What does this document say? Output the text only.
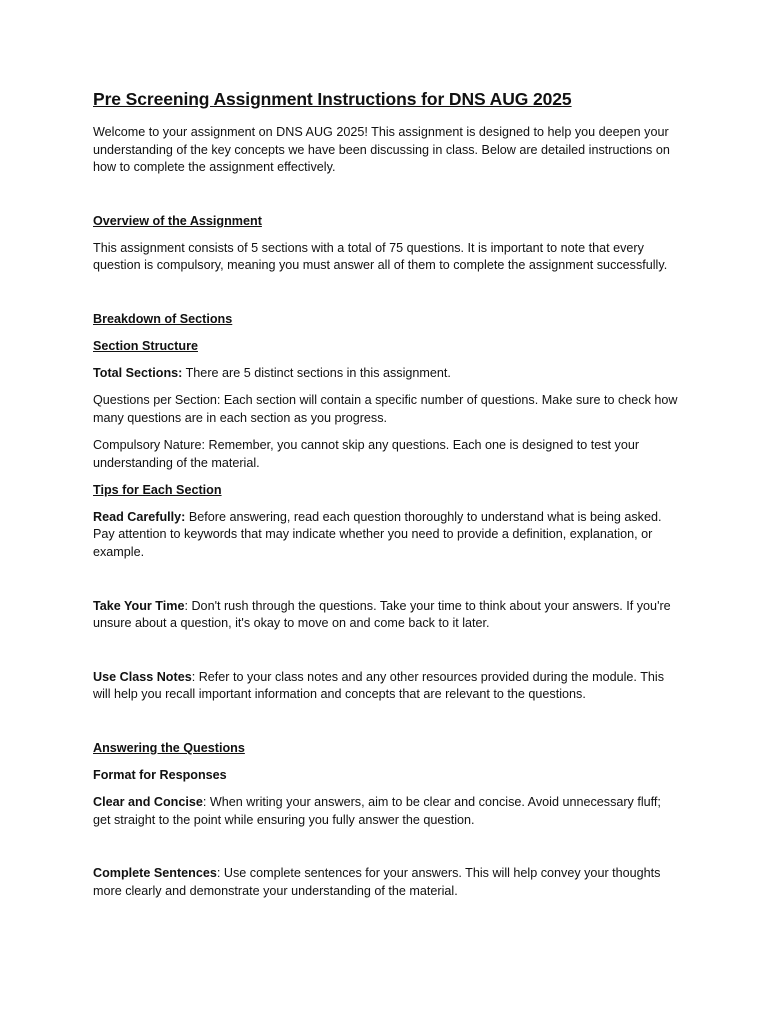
Pre Screening Assignment Instructions for DNS AUG 2025

Welcome to your assignment on DNS AUG 2025! This assignment is designed to help you deepen your understanding of the key concepts we have been discussing in class. Below are detailed instructions on how to complete the assignment effectively.

Overview of the Assignment

This assignment consists of 5 sections with a total of 75 questions. It is important to note that every question is compulsory, meaning you must answer all of them to complete the assignment successfully.

Breakdown of Sections

Section Structure

Total Sections: There are 5 distinct sections in this assignment.

Questions per Section: Each section will contain a specific number of questions. Make sure to check how many questions are in each section as you progress.

Compulsory Nature: Remember, you cannot skip any questions. Each one is designed to test your understanding of the material.

Tips for Each Section

Read Carefully: Before answering, read each question thoroughly to understand what is being asked. Pay attention to keywords that may indicate whether you need to provide a definition, explanation, or example.

Take Your Time: Don't rush through the questions. Take your time to think about your answers. If you're unsure about a question, it's okay to move on and come back to it later.

Use Class Notes: Refer to your class notes and any other resources provided during the module. This will help you recall important information and concepts that are relevant to the questions.

Answering the Questions

Format for Responses

Clear and Concise: When writing your answers, aim to be clear and concise. Avoid unnecessary fluff; get straight to the point while ensuring you fully answer the question.

Complete Sentences: Use complete sentences for your answers. This will help convey your thoughts more clearly and demonstrate your understanding of the material.
